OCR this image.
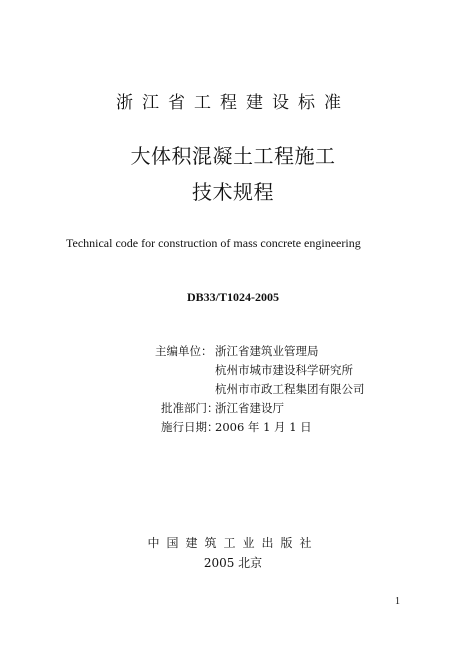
浙江省工程建设标准
大体积混凝土工程施工
技术规程
Technical code for construction of mass concrete engineering
DB33/T1024-2005
主编单位： 浙江省建筑业管理局
杭州市城市建设科学研究所
杭州市市政工程集团有限公司
批准部门：
浙江省建设厅
施行日期：
2006 年 1 月 1 日
中国建筑工业出版社
2005 北京
1
